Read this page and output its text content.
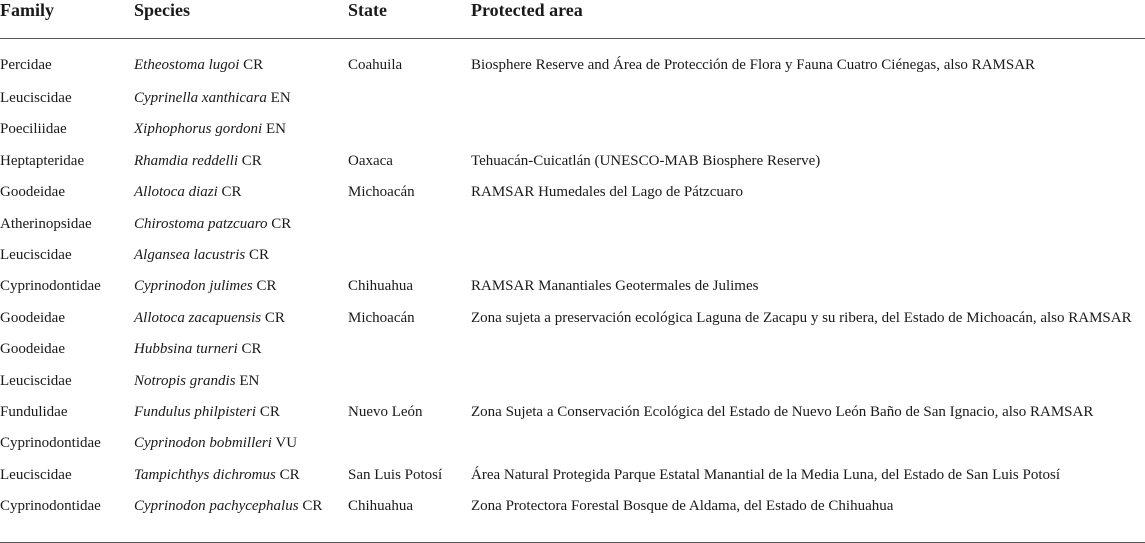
Family	Species	State	Protected area
Percidae	Etheostoma lugoi CR	Coahuila	Biosphere Reserve and Área de Protección de Flora y Fauna Cuatro Ciénegas, also RAMSAR
Leuciscidae	Cyprinella xanthicara EN		
Poeciliidae	Xiphophorus gordoni EN		
Heptapteridae	Rhamdia reddelli CR	Oaxaca	Tehuacán-Cuicatlán (UNESCO-MAB Biosphere Reserve)
Goodeidae	Allotoca diazi CR	Michoacán	RAMSAR Humedales del Lago de Pátzcuaro
Atherinopsidae	Chirostoma patzcuaro CR		
Leuciscidae	Algansea lacustris CR		
Cyprinodontidae	Cyprinodon julimes CR	Chihuahua	RAMSAR Manantiales Geotermales de Julimes
Goodeidae	Allotoca zacapuensis CR	Michoacán	Zona sujeta a preservación ecológica Laguna de Zacapu y su ribera, del Estado de Michoacán, also RAMSAR
Goodeidae	Hubbsina turneri CR		
Leuciscidae	Notropis grandis EN		
Fundulidae	Fundulus philpisteri CR	Nuevo León	Zona Sujeta a Conservación Ecológica del Estado de Nuevo León Baño de San Ignacio, also RAMSAR
Cyprinodontidae	Cyprinodon bobmilleri VU		
Leuciscidae	Tampichthys dichromus CR	San Luis Potosí	Área Natural Protegida Parque Estatal Manantial de la Media Luna, del Estado de San Luis Potosí
Cyprinodontidae	Cyprinodon pachycephalus CR	Chihuahua	Zona Protectora Forestal Bosque de Aldama, del Estado de Chihuahua
